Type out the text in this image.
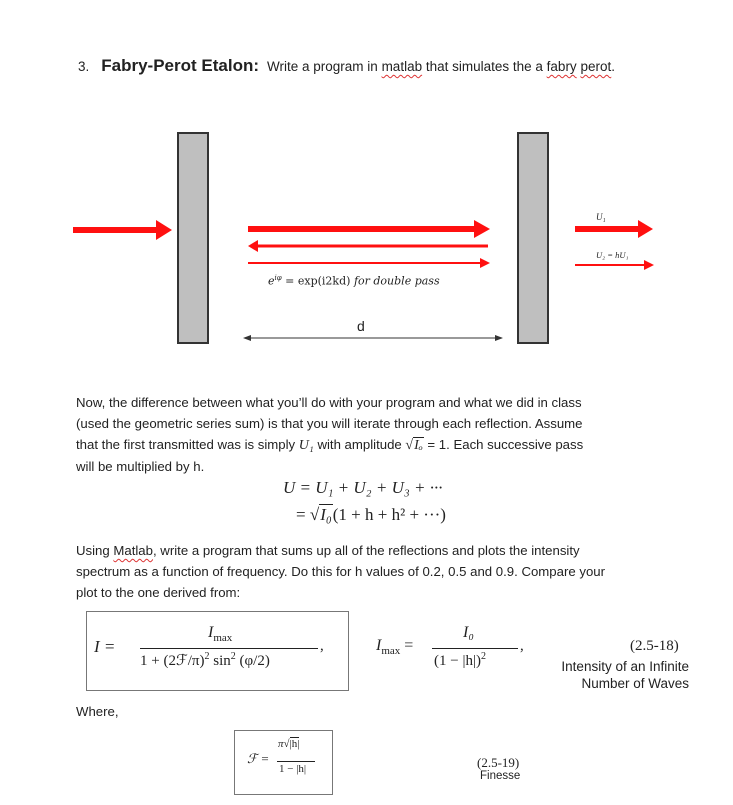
3. Fabry-Perot Etalon: Write a program in matlab that simulates the a fabry perot.
U₁
U₂ = hU₁
$e^{i\varphi} = \exp(i2kd)$ for double pass
d
Now, the difference between what you’ll do with your program and what we did in class
(used the geometric series sum) is that you will iterate through each reflection. Assume
that the first transmitted was is simply U₁ with amplitude √Iₒ = 1. Each successive pass
will be multiplied by h.
U = U₁ + U₂ + U₃ + ···
= √I₀(1 + h + h² + ···)
Using Matlab, write a program that sums up all of the reflections and plots the intensity
spectrum as a function of frequency. Do this for h values of 0.2, 0.5 and 0.9. Compare your
plot to the one derived from:
I =
$I_{max}$
1 + (2ℱ/π)$^2$ $\sin^2 (\varphi/2)$
,	$I_{max}$ =
I₀
$(1 - |h|)^2$
,	(2.5-18)
Intensity of an Infinite
Number of Waves
Where,
ℱ =
π√|h|
1 − |h|	(2.5-19)
Finesse
